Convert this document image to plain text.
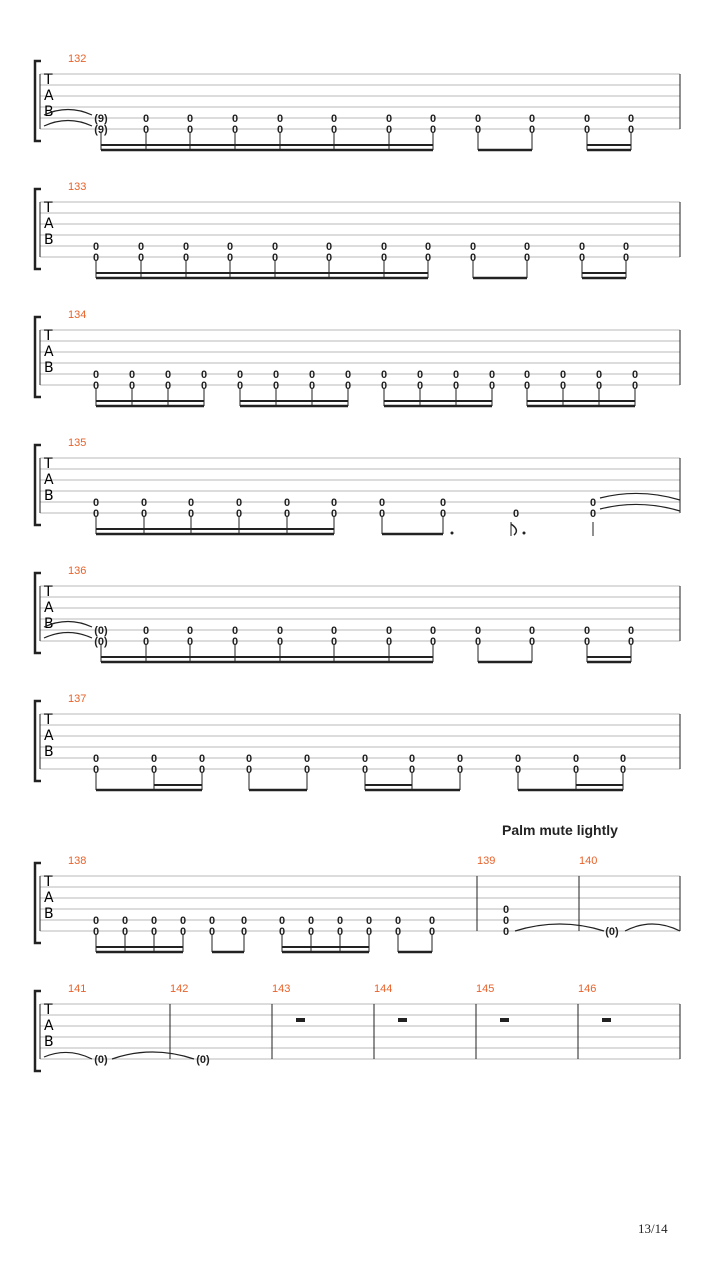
T
A
B
T
A
B
T
A
B
T
A
B
T
A
B
T
A
B
T
A
B
T
A
B
132
(9)
(9)
0
0
0
0
0
0
0
0
0
0
0
0
0
0
0
0
0
0
0
0
0
0
136
(0)
(0)
0
0
0
0
0
0
0
0
0
0
0
0
0
0
0
0
0
0
0
0
0
0
133
0
0
0
0
0
0
0
0
0
0
0
0
0
0
0
0
0
0
0
0
0
0
0
0
134
0
0
0
0
0
0
0
0
0
0
0
0
0
0
0
0
0
0
0
0
0
0
0
0
0
0
0
0
0
0
0
0
135
0
0
0
0
0
0
0
0
0
0
0
0
0
0
0
0	0
0
0
137
0
0
0
0
0
0
0
0
0
0
0
0
0
0
0
0
0
0
0
0
0
0
138	139	140
0
0
0
0
0
0
0
0
0
0
0
0
0
0
0
0
0
0
0
0
0
0
0
0
0
0
0	(0)
141	142	143	144	145	146
(0)	(0)
Palm mute lightly
13/14
